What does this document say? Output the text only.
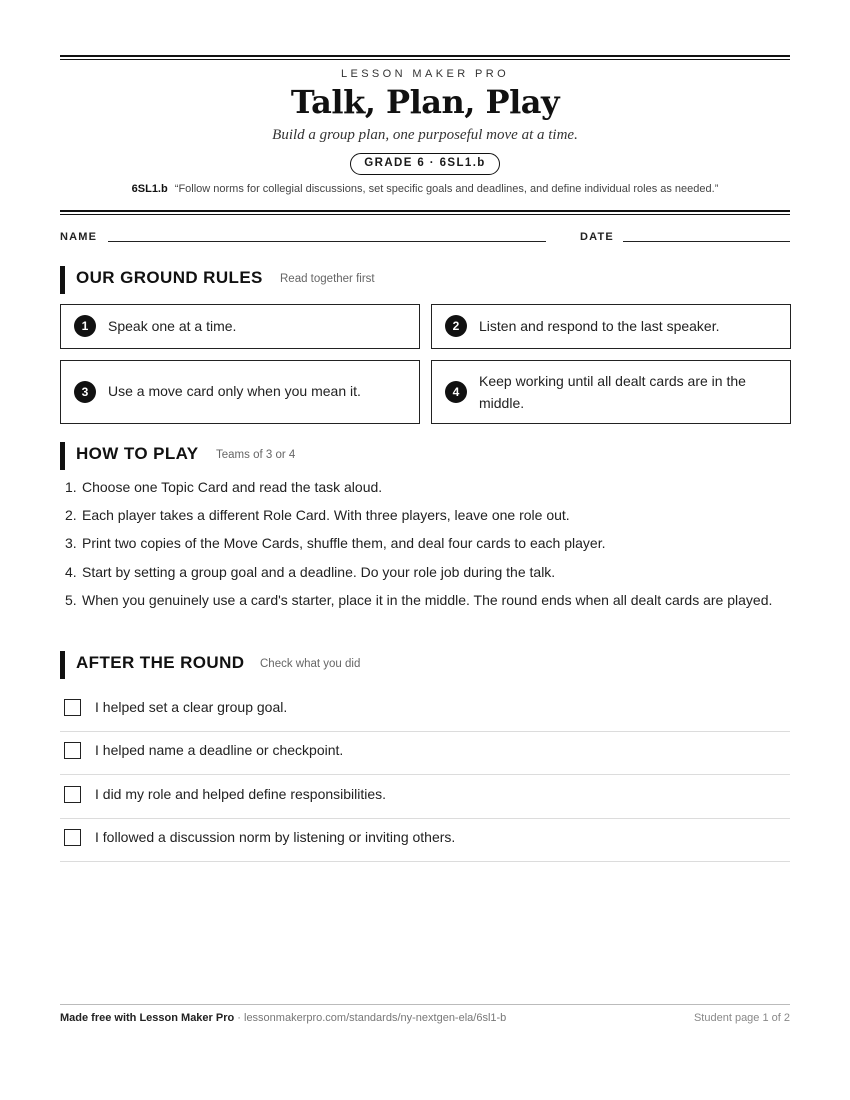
LESSON MAKER PRO
Talk, Plan, Play
Build a group plan, one purposeful move at a time.
GRADE 6 · 6SL1.b
6SL1.b “Follow norms for collegial discussions, set specific goals and deadlines, and define individual roles as needed.”
NAME	DATE
OUR GROUND RULES Read together first
1	Speak one at a time.	2	Listen and respond to the last speaker.
3	Use a move card only when you mean it.	4
Keep working until all dealt cards are in the middle.
HOW TO PLAY Teams of 3 or 4
1. Choose one Topic Card and read the task aloud.
2. Each player takes a different Role Card. With three players, leave one role out.
3. Print two copies of the Move Cards, shuffle them, and deal four cards to each player.
4. Start by setting a group goal and a deadline. Do your role job during the talk.
5. When you genuinely use a card's starter, place it in the middle. The round ends when all dealt cards are played.
AFTER THE ROUND Check what you did
I helped set a clear group goal.
I helped name a deadline or checkpoint.
I did my role and helped define responsibilities.
I followed a discussion norm by listening or inviting others.
Made free with Lesson Maker Pro · lessonmakerpro.com/standards/ny-nextgen-ela/6sl1-b	Student page 1 of 2
